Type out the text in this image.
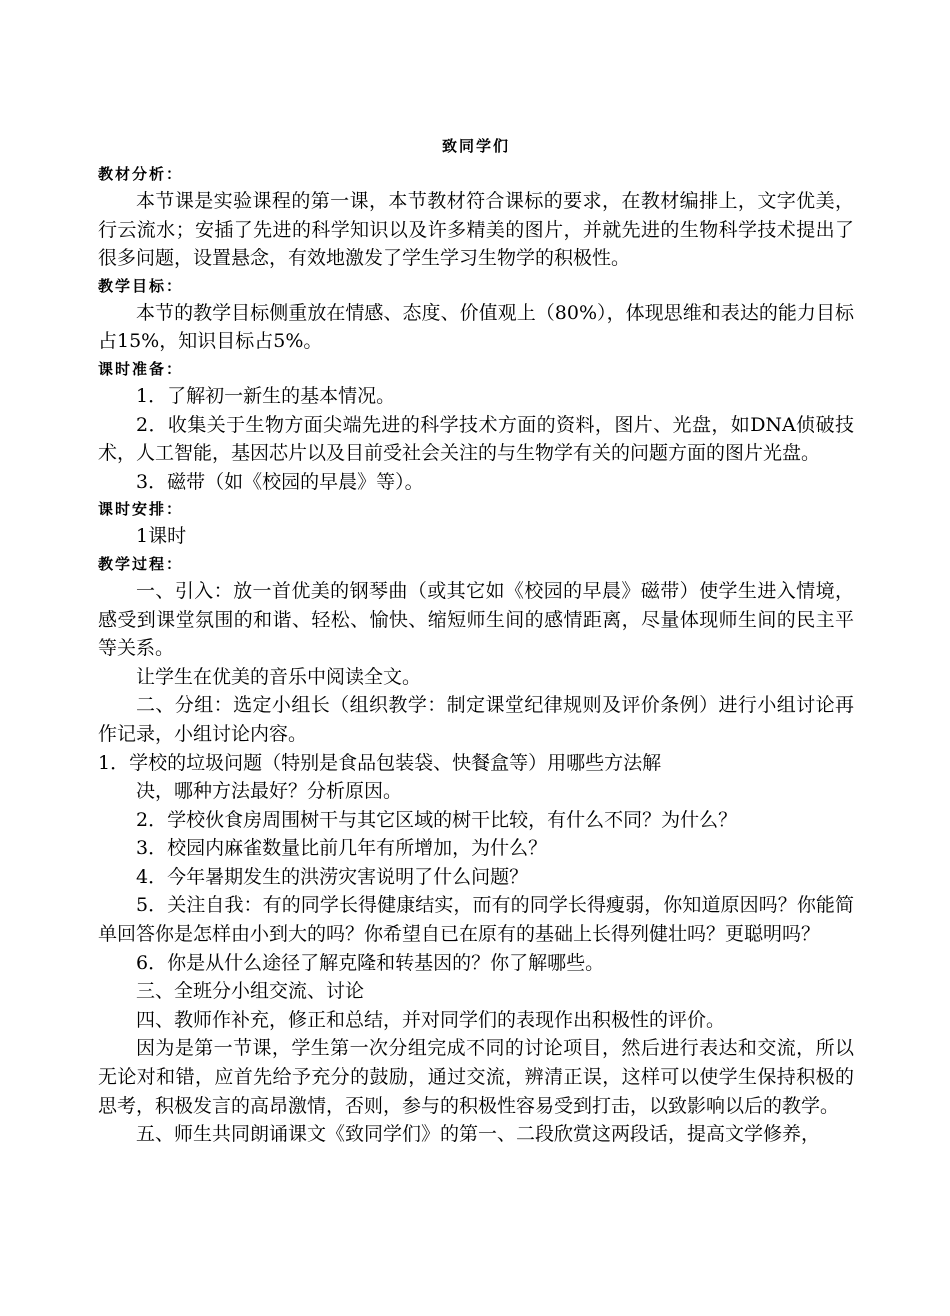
致同学们
教材分析：

本节课是实验课程的第一课，本节教材符合课标的要求，在教材编排上，文字优美，行云流水；安插了先进的科学知识以及许多精美的图片，并就先进的生物科学技术提出了很多问题，设置悬念，有效地激发了学生学习生物学的积极性。

教学目标：

本节的教学目标侧重放在情感、态度、价值观上（80%），体现思维和表达的能力目标占15%，知识目标占5%。

课时准备：

1．了解初一新生的基本情况。

2．收集关于生物方面尖端先进的科学技术方面的资料，图片、光盘，如DNA侦破技术，人工智能，基因芯片以及目前受社会关注的与生物学有关的问题方面的图片光盘。

3．磁带（如《校园的早晨》等）。

课时安排：

1课时

教学过程：

一、引入：放一首优美的钢琴曲（或其它如《校园的早晨》磁带）使学生进入情境，感受到课堂氛围的和谐、轻松、愉快、缩短师生间的感情距离，尽量体现师生间的民主平等关系。

让学生在优美的音乐中阅读全文。

二、分组：选定小组长（组织教学：制定课堂纪律规则及评价条例）进行小组讨论再作记录，小组讨论内容。

1．学校的垃圾问题（特别是食品包装袋、快餐盒等）用哪些方法解

决，哪种方法最好？分析原因。

2．学校伙食房周围树干与其它区域的树干比较，有什么不同？为什么？

3．校园内麻雀数量比前几年有所增加，为什么？

4．今年暑期发生的洪涝灾害说明了什么问题？

5．关注自我：有的同学长得健康结实，而有的同学长得瘦弱，你知道原因吗？你能简单回答你是怎样由小到大的吗？你希望自已在原有的基础上长得列健壮吗？更聪明吗？

6．你是从什么途径了解克隆和转基因的？你了解哪些。

三、全班分小组交流、讨论

四、教师作补充，修正和总结，并对同学们的表现作出积极性的评价。

因为是第一节课，学生第一次分组完成不同的讨论项目，然后进行表达和交流，所以无论对和错，应首先给予充分的鼓励，通过交流，辨清正误，这样可以使学生保持积极的思考，积极发言的高昂激情，否则，参与的积极性容易受到打击，以致影响以后的教学。

五、师生共同朗诵课文《致同学们》的第一、二段欣赏这两段话，提高文学修养，
